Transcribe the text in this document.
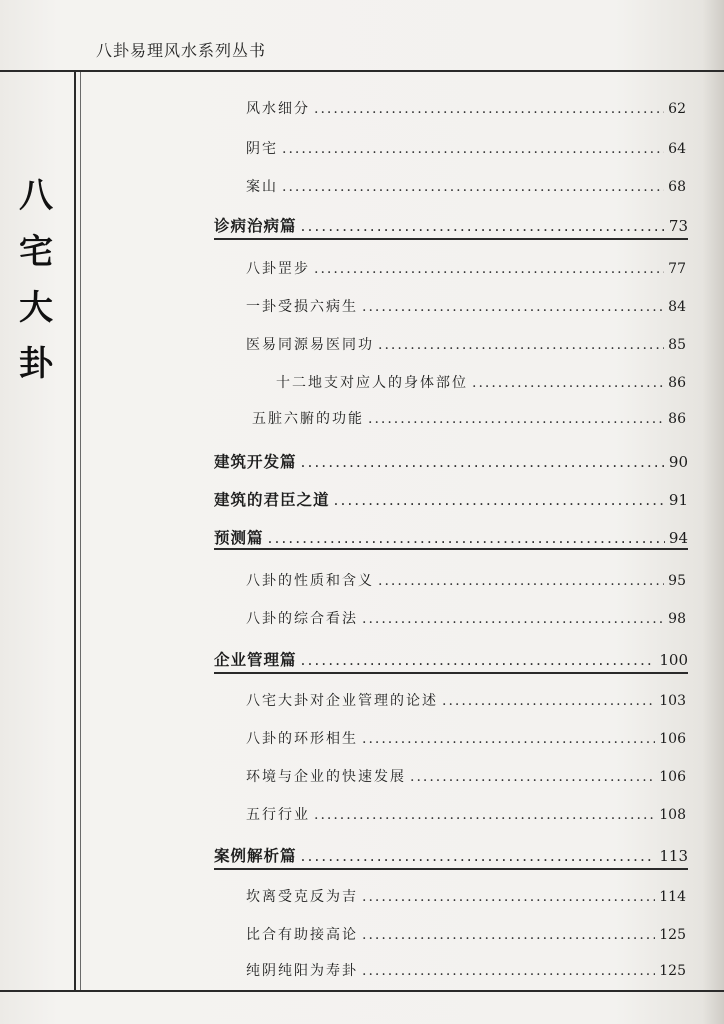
八卦易理风水系列丛书
八
宅
大
卦
风水细分 .....	62
阴宅 .....	64
案山 .....	68
诊病治病篇 .....	73
八卦罡步 .....	77
一卦受损六病生 .....	84
医易同源易医同功 .....	85
十二地支对应人的身体部位 .....	86
五脏六腑的功能 .....	86
建筑开发篇 .....	90
建筑的君臣之道 .....	91
预测篇 .....	94
八卦的性质和含义 .....	95
八卦的综合看法 .....	98
企业管理篇 .....	100
八宅大卦对企业管理的论述 .....	103
八卦的环形相生 .....	106
环境与企业的快速发展 .....	106
五行行业 .....	108
案例解析篇 .....	113
坎离受克反为吉 .....	114
比合有助接高论 .....	125
纯阴纯阳为寿卦 .....	125
